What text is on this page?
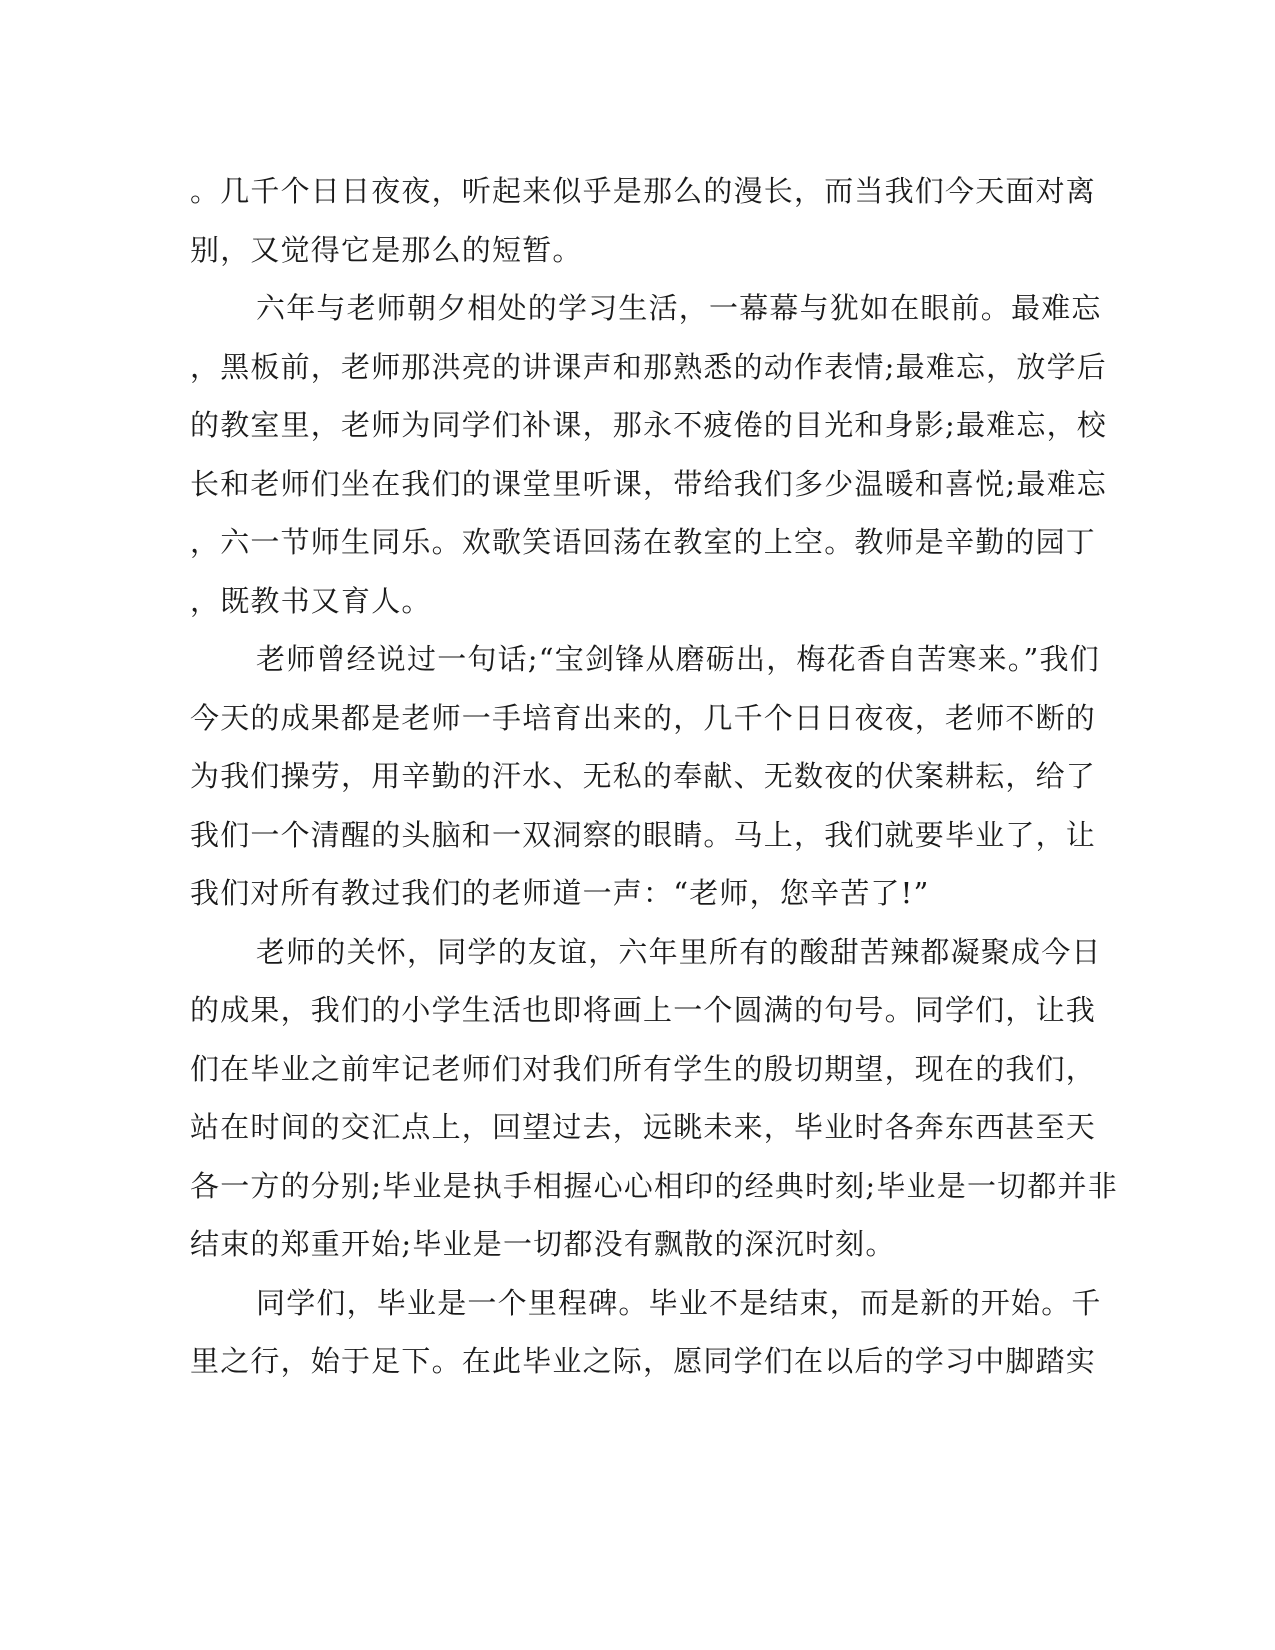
。几千个日日夜夜，听起来似乎是那么的漫长，而当我们今天面对离
别，又觉得它是那么的短暂。

六年与老师朝夕相处的学习生活，一幕幕与犹如在眼前。最难忘
，黑板前，老师那洪亮的讲课声和那熟悉的动作表情;最难忘，放学后
的教室里，老师为同学们补课，那永不疲倦的目光和身影;最难忘，校
长和老师们坐在我们的课堂里听课，带给我们多少温暖和喜悦;最难忘
，六一节师生同乐。欢歌笑语回荡在教室的上空。教师是辛勤的园丁
，既教书又育人。

老师曾经说过一句话;“宝剑锋从磨砺出，梅花香自苦寒来。”我们
今天的成果都是老师一手培育出来的，几千个日日夜夜，老师不断的
为我们操劳，用辛勤的汗水、无私的奉献、无数夜的伏案耕耘，给了
我们一个清醒的头脑和一双洞察的眼睛。马上，我们就要毕业了，让
我们对所有教过我们的老师道一声：“老师，您辛苦了!”

老师的关怀，同学的友谊，六年里所有的酸甜苦辣都凝聚成今日
的成果，我们的小学生活也即将画上一个圆满的句号。同学们，让我
们在毕业之前牢记老师们对我们所有学生的殷切期望，现在的我们，
站在时间的交汇点上，回望过去，远眺未来，毕业时各奔东西甚至天
各一方的分别;毕业是执手相握心心相印的经典时刻;毕业是一切都并非
结束的郑重开始;毕业是一切都没有飘散的深沉时刻。

同学们，毕业是一个里程碑。毕业不是结束，而是新的开始。千
里之行，始于足下。在此毕业之际，愿同学们在以后的学习中脚踏实
